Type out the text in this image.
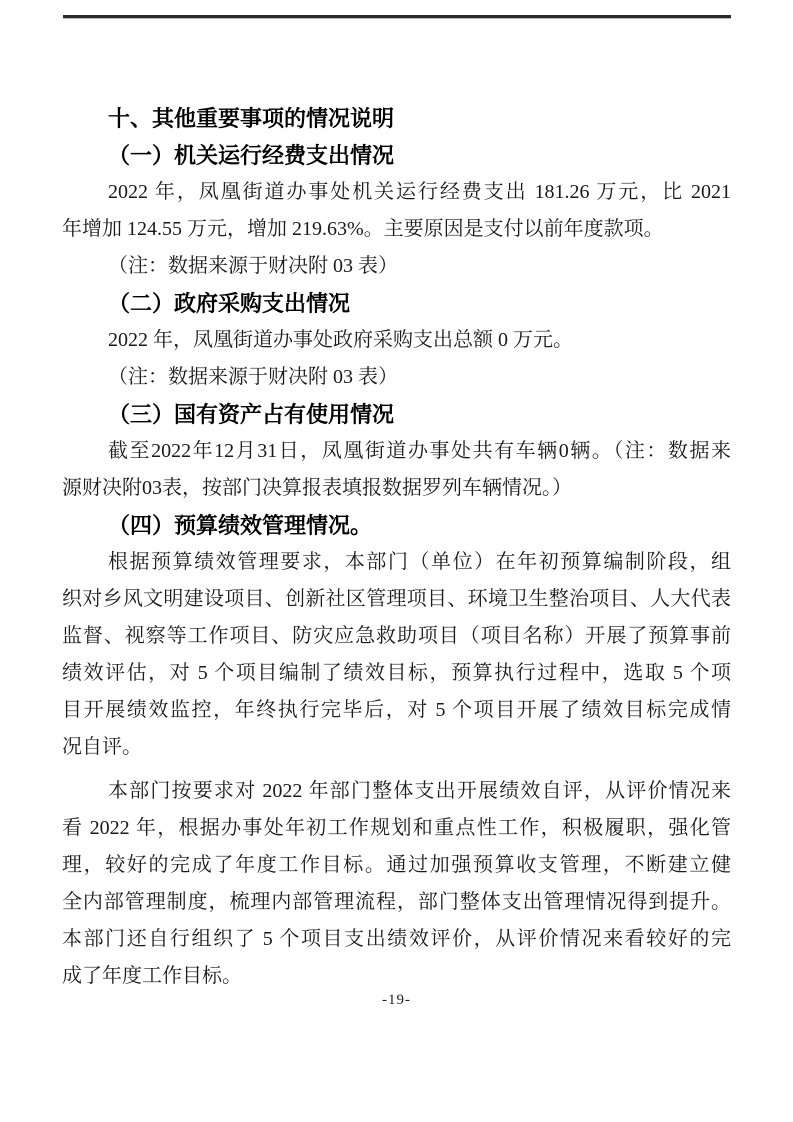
十、其他重要事项的情况说明
（一）机关运行经费支出情况
2022 年，凤凰街道办事处机关运行经费支出 181.26 万元，比 2021
年增加 124.55 万元，增加 219.63%。主要原因是支付以前年度款项。
（注：数据来源于财决附 03 表）
（二）政府采购支出情况
2022 年，凤凰街道办事处政府采购支出总额 0 万元。
（注：数据来源于财决附 03 表）
（三）国有资产占有使用情况
截至2022年12月31日，凤凰街道办事处共有车辆0辆。（注：数据来
源财决附03表，按部门决算报表填报数据罗列车辆情况。）
（四）预算绩效管理情况。
根据预算绩效管理要求，本部门（单位）在年初预算编制阶段，组
织对乡风文明建设项目、创新社区管理项目、环境卫生整治项目、人大代表
监督、视察等工作项目、防灾应急救助项目（项目名称）开展了预算事前
绩效评估，对 5 个项目编制了绩效目标，预算执行过程中，选取 5 个项
目开展绩效监控，年终执行完毕后，对 5 个项目开展了绩效目标完成情
况自评。
本部门按要求对 2022 年部门整体支出开展绩效自评，从评价情况来
看 2022 年，根据办事处年初工作规划和重点性工作，积极履职，强化管
理，较好的完成了年度工作目标。通过加强预算收支管理，不断建立健
全内部管理制度，梳理内部管理流程，部门整体支出管理情况得到提升。
本部门还自行组织了 5 个项目支出绩效评价，从评价情况来看较好的完
成了年度工作目标。
-19-
